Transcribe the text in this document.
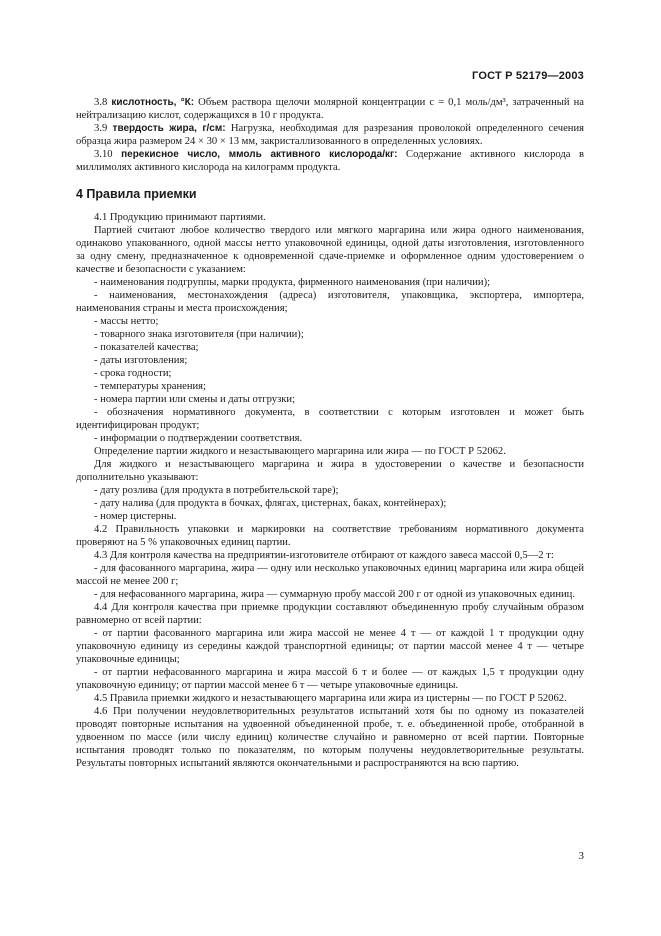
ГОСТ Р 52179—2003

3.8 кислотность, °К: Объем раствора щелочи молярной концентрации с = 0,1 моль/дм³, затраченный на нейтрализацию кислот, содержащихся в 10 г продукта.

3.9 твердость жира, г/см: Нагрузка, необходимая для разрезания проволокой определенного сечения образца жира размером 24 × 30 × 13 мм, закристаллизованного в определенных условиях.

3.10 перекисное число, ммоль активного кислорода/кг: Содержание активного кислорода в миллимолях активного кислорода на килограмм продукта.

4 Правила приемки

4.1 Продукцию принимают партиями.

Партией считают любое количество твердого или мягкого маргарина или жира одного наименования, одинаково упакованного, одной массы нетто упаковочной единицы, одной даты изготовления, изготовленного за одну смену, предназначенное к одновременной сдаче-приемке и оформленное одним удостоверением о качестве и безопасности с указанием:

- наименования подгруппы, марки продукта, фирменного наименования (при наличии);

- наименования, местонахождения (адреса) изготовителя, упаковщика, экспортера, импортера, наименования страны и места происхождения;

- массы нетто;

- товарного знака изготовителя (при наличии);

- показателей качества;

- даты изготовления;

- срока годности;

- температуры хранения;

- номера партии или смены и даты отгрузки;

- обозначения нормативного документа, в соответствии с которым изготовлен и может быть идентифицирован продукт;

- информации о подтверждении соответствия.

Определение партии жидкого и незастывающего маргарина или жира — по ГОСТ Р 52062.

Для жидкого и незастывающего маргарина и жира в удостоверении о качестве и безопасности дополнительно указывают:

- дату розлива (для продукта в потребительской таре);

- дату налива (для продукта в бочках, флягах, цистернах, баках, контейнерах);

- номер цистерны.

4.2 Правильность упаковки и маркировки на соответствие требованиям нормативного документа проверяют на 5 % упаковочных единиц партии.

4.3 Для контроля качества на предприятии-изготовителе отбирают от каждого завеса массой 0,5—2 т:

- для фасованного маргарина, жира — одну или несколько упаковочных единиц маргарина или жира общей массой не менее 200 г;

- для нефасованного маргарина, жира — суммарную пробу массой 200 г от одной из упаковочных единиц.

4.4 Для контроля качества при приемке продукции составляют объединенную пробу случайным образом равномерно от всей партии:

- от партии фасованного маргарина или жира массой не менее 4 т — от каждой 1 т продукции одну упаковочную единицу из середины каждой транспортной единицы; от партии массой менее 4 т — четыре упаковочные единицы;

- от партии нефасованного маргарина и жира массой 6 т и более — от каждых 1,5 т продукции одну упаковочную единицу; от партии массой менее 6 т — четыре упаковочные единицы.

4.5 Правила приемки жидкого и незастывающего маргарина или жира из цистерны — по ГОСТ Р 52062.

4.6 При получении неудовлетворительных результатов испытаний хотя бы по одному из показателей проводят повторные испытания на удвоенной объединенной пробе, т. е. объединенной пробе, отобранной в удвоенном по массе (или числу единиц) количестве случайно и равномерно от всей партии. Повторные испытания проводят только по показателям, по которым получены неудовлетворительные результаты. Результаты повторных испытаний являются окончательными и распространяются на всю партию.

3
